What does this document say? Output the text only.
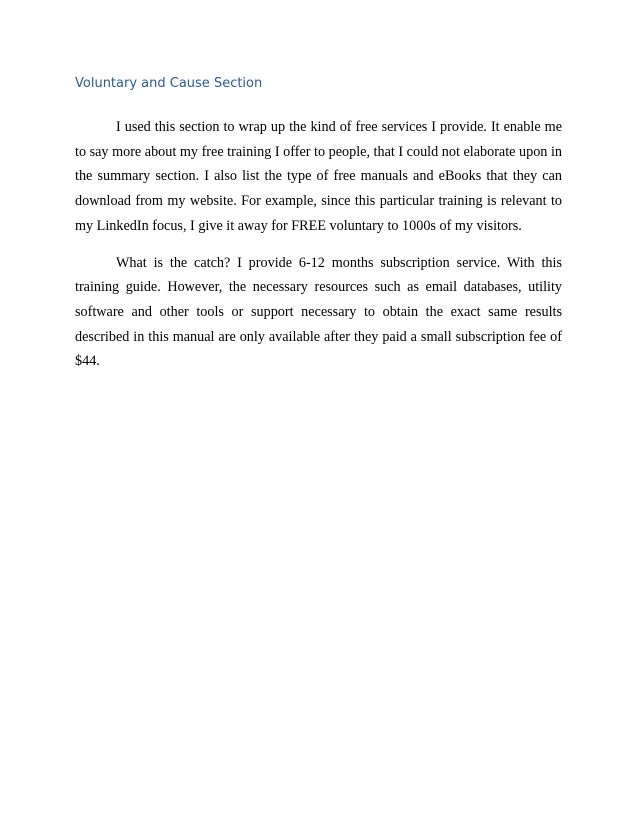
Voluntary and Cause Section

I used this section to wrap up the kind of free services I provide. It enable me to say more about my free training I offer to people, that I could not elaborate upon in the summary section. I also list the type of free manuals and eBooks that they can download from my website. For example, since this particular training is relevant to my LinkedIn focus, I give it away for FREE voluntary to 1000s of my visitors.

What is the catch? I provide 6-12 months subscription service. With this training guide. However, the necessary resources such as email databases, utility software and other tools or support necessary to obtain the exact same results described in this manual are only available after they paid a small subscription fee of $44.
